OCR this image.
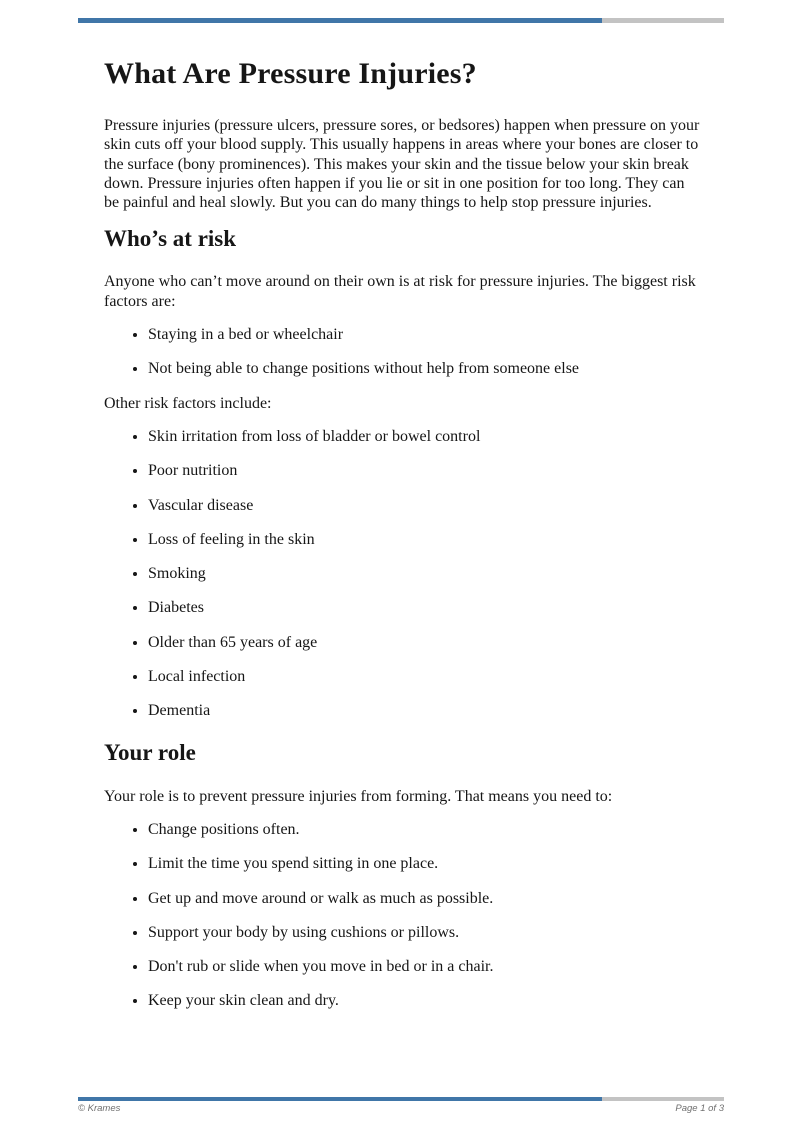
What Are Pressure Injuries?

Pressure injuries (pressure ulcers, pressure sores, or bedsores) happen when pressure on your skin cuts off your blood supply. This usually happens in areas where your bones are closer to the surface (bony prominences). This makes your skin and the tissue below your skin break down. Pressure injuries often happen if you lie or sit in one position for too long. They can be painful and heal slowly. But you can do many things to help stop pressure injuries.

Who’s at risk

Anyone who can’t move around on their own is at risk for pressure injuries. The biggest risk factors are:

• Staying in a bed or wheelchair
• Not being able to change positions without help from someone else

Other risk factors include:

• Skin irritation from loss of bladder or bowel control
• Poor nutrition
• Vascular disease
• Loss of feeling in the skin
• Smoking
• Diabetes
• Older than 65 years of age
• Local infection
• Dementia
Your role

Your role is to prevent pressure injuries from forming. That means you need to:

• Change positions often.
• Limit the time you spend sitting in one place.
• Get up and move around or walk as much as possible.
• Support your body by using cushions or pillows.
• Don't rub or slide when you move in bed or in a chair.
• Keep your skin clean and dry.
© Krames	Page 1 of 3
